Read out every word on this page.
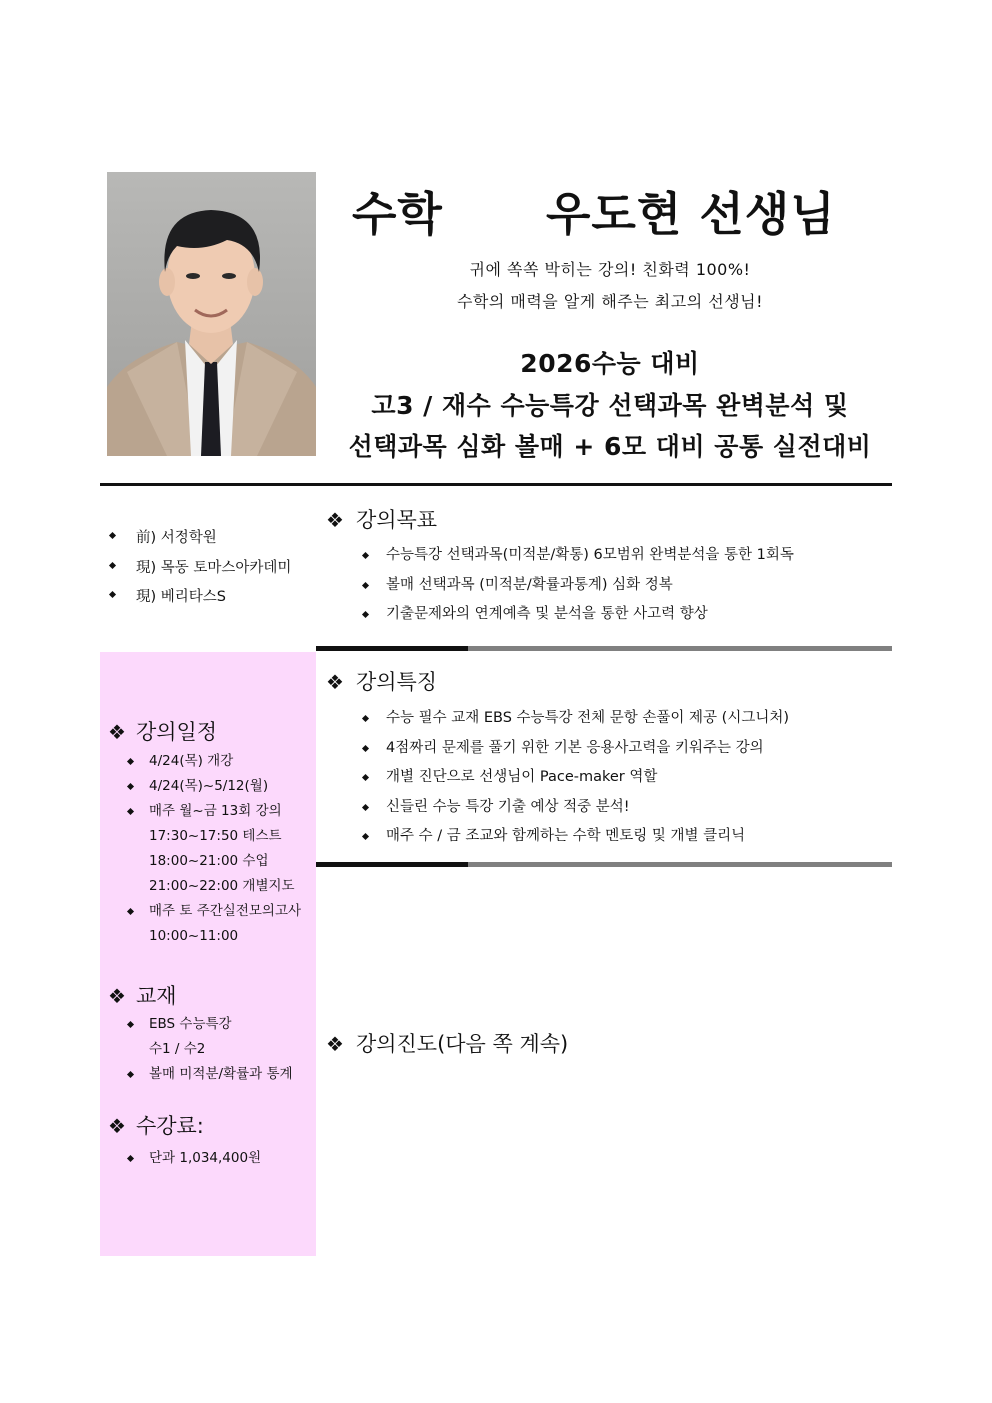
수학 우도현 선생님
귀에 쏙쏙 박히는 강의! 친화력 100%!
수학의 매력을 알게 해주는 최고의 선생님!
2026수능 대비
고3 / 재수 수능특강 선택과목 완벽분석 및
선택과목 심화 볼매 + 6모 대비 공통 실전대비
前) 서정학원
現) 목동 토마스아카데미
現) 베리타스S
❖ 강의목표
수능특강 선택과목(미적분/확통) 6모범위 완벽분석을 통한 1회독
볼매 선택과목 (미적분/확률과통계) 심화 정복
기출문제와의 연계예측 및 분석을 통한 사고력 향상
❖ 강의특징
수능 필수 교재 EBS 수능특강 전체 문항 손풀이 제공 (시그니처)
4점짜리 문제를 풀기 위한 기본 응용사고력을 키워주는 강의
개별 진단으로 선생님이 Pace-maker 역할
신들린 수능 특강 기출 예상 적중 분석!
매주 수 / 금 조교와 함께하는 수학 멘토링 및 개별 클리닉
❖ 강의진도(다음 쪽 계속)
❖ 강의일정
4/24(목) 개강
4/24(목)~5/12(월)
매주 월~금 13회 강의
17:30~17:50 테스트
18:00~21:00 수업
21:00~22:00 개별지도
매주 토 주간실전모의고사
10:00~11:00
❖ 교재
EBS 수능특강
수1 / 수2
볼매 미적분/확률과 통계
❖ 수강료:
단과 1,034,400원
